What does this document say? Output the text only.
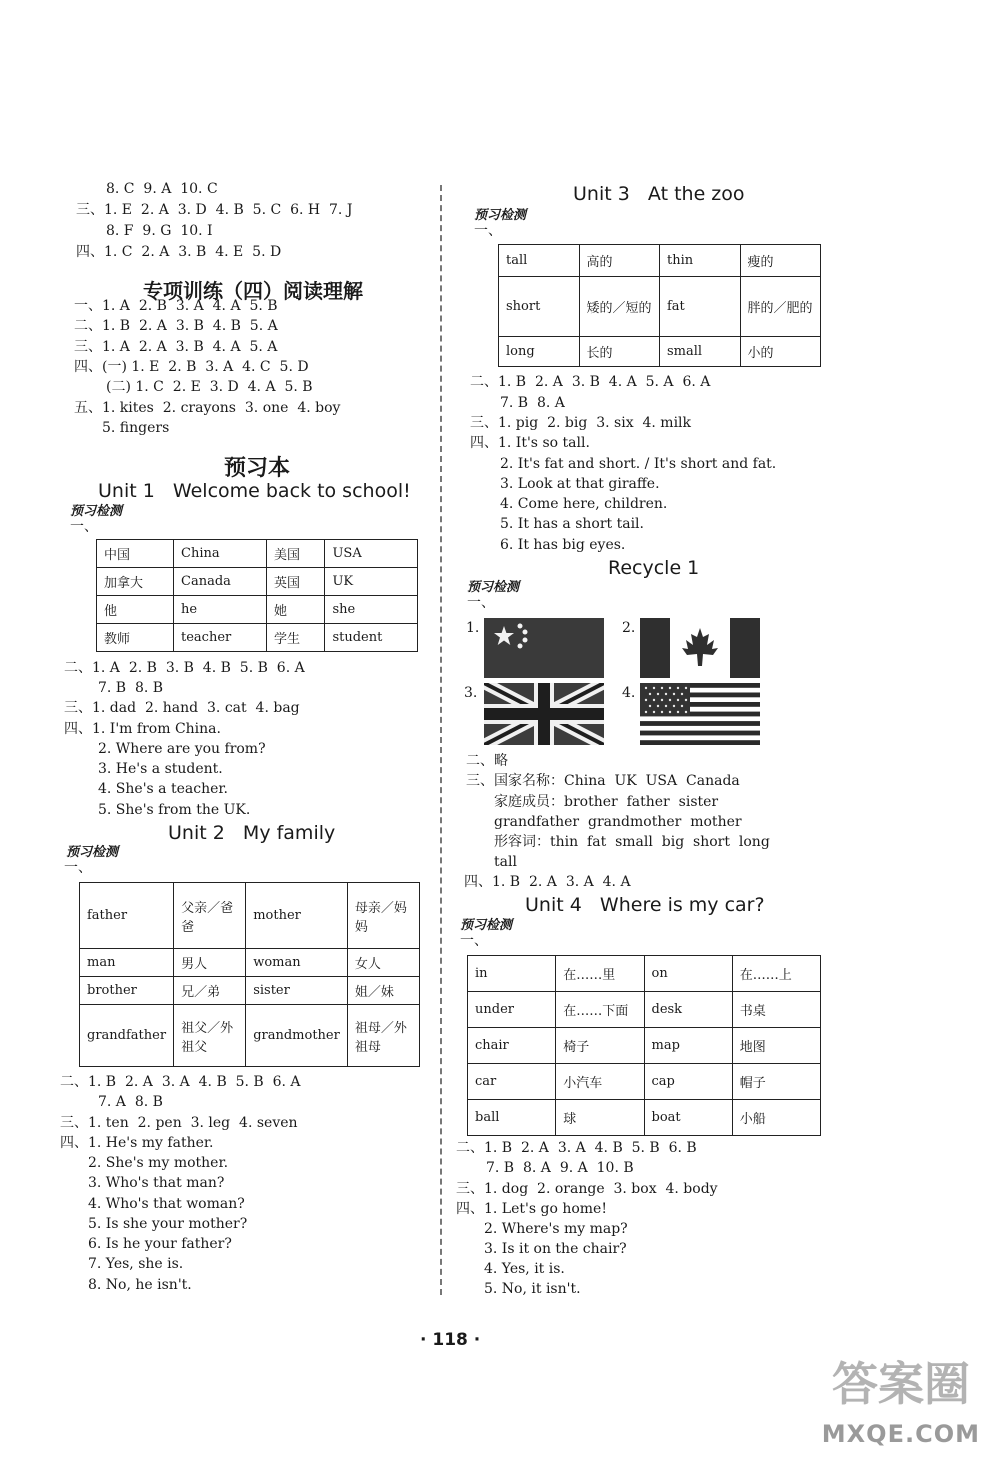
8. C  9. A  10. C
三、1. E  2. A  3. D  4. B  5. C  6. H  7. J
8. F  9. G  10. I
四、1. C  2. A  3. B  4. E  5. D
专项训练（四）阅读理解
一、1. A  2. B  3. A  4. A  5. B
二、1. B  2. A  3. B  4. B  5. A
三、1. A  2. A  3. B  4. A  5. A
四、(一) 1. E  2. B  3. A  4. C  5. D
(二) 1. C  2. E  3. D  4. A  5. B
五、1. kites  2. crayons  3. one  4. boy
5. fingers
预习本
Unit 1   Welcome back to school!
预习检测
一、
中国	China	美国	USA
加拿大	Canada	英国	UK
他	he	她	she
教师	teacher	学生	student
二、1. A  2. B  3. B  4. B  5. B  6. A
7. B  8. B
三、1. dad  2. hand  3. cat  4. bag
四、1. I'm from China.
2. Where are you from?
3. He's a student.
4. She's a teacher.
5. She's from the UK.
Unit 2   My family
预习检测
一、
father	父亲／爸爸	mother	母亲／妈妈
man	男人	woman	女人
brother	兄／弟	sister	姐／妹
grandfather	祖父／外祖父	grandmother	祖母／外祖母
二、1. B  2. A  3. A  4. B  5. B  6. A
7. A  8. B
三、1. ten  2. pen  3. leg  4. seven
四、1. He's my father.
2. She's my mother.
3. Who's that man?
4. Who's that woman?
5. Is she your mother?
6. Is he your father?
7. Yes, she is.
8. No, he isn't.
Unit 3   At the zoo
预习检测
一、
tall	高的	thin	瘦的
short	矮的／短的	fat	胖的／肥的
long	长的	small	小的
二、1. B  2. A  3. B  4. A  5. A  6. A
7. B  8. A
三、1. pig  2. big  3. six  4. milk
四、1. It's so tall.
2. It's fat and short. / It's short and fat.
3. Look at that giraffe.
4. Come here, children.
5. It has a short tail.
6. It has big eyes.
Recycle 1
预习检测
一、
1.	2.
3.	4.
二、略
三、国家名称：China  UK  USA  Canada
家庭成员：brother  father  sister
grandfather  grandmother  mother
形容词：thin  fat  small  big  short  long
tall
四、1. B  2. A  3. A  4. A
Unit 4   Where is my car?
预习检测
一、
in	在……里	on	在……上
under	在……下面	desk	书桌
chair	椅子	map	地图
car	小汽车	cap	帽子
ball	球	boat	小船
二、1. B  2. A  3. A  4. B  5. B  6. B
7. B  8. A  9. A  10. B
三、1. dog  2. orange  3. box  4. body
四、1. Let's go home!
2. Where's my map?
3. Is it on the chair?
4. Yes, it is.
5. No, it isn't.
· 118 ·
答案圈
MXQE.COM
